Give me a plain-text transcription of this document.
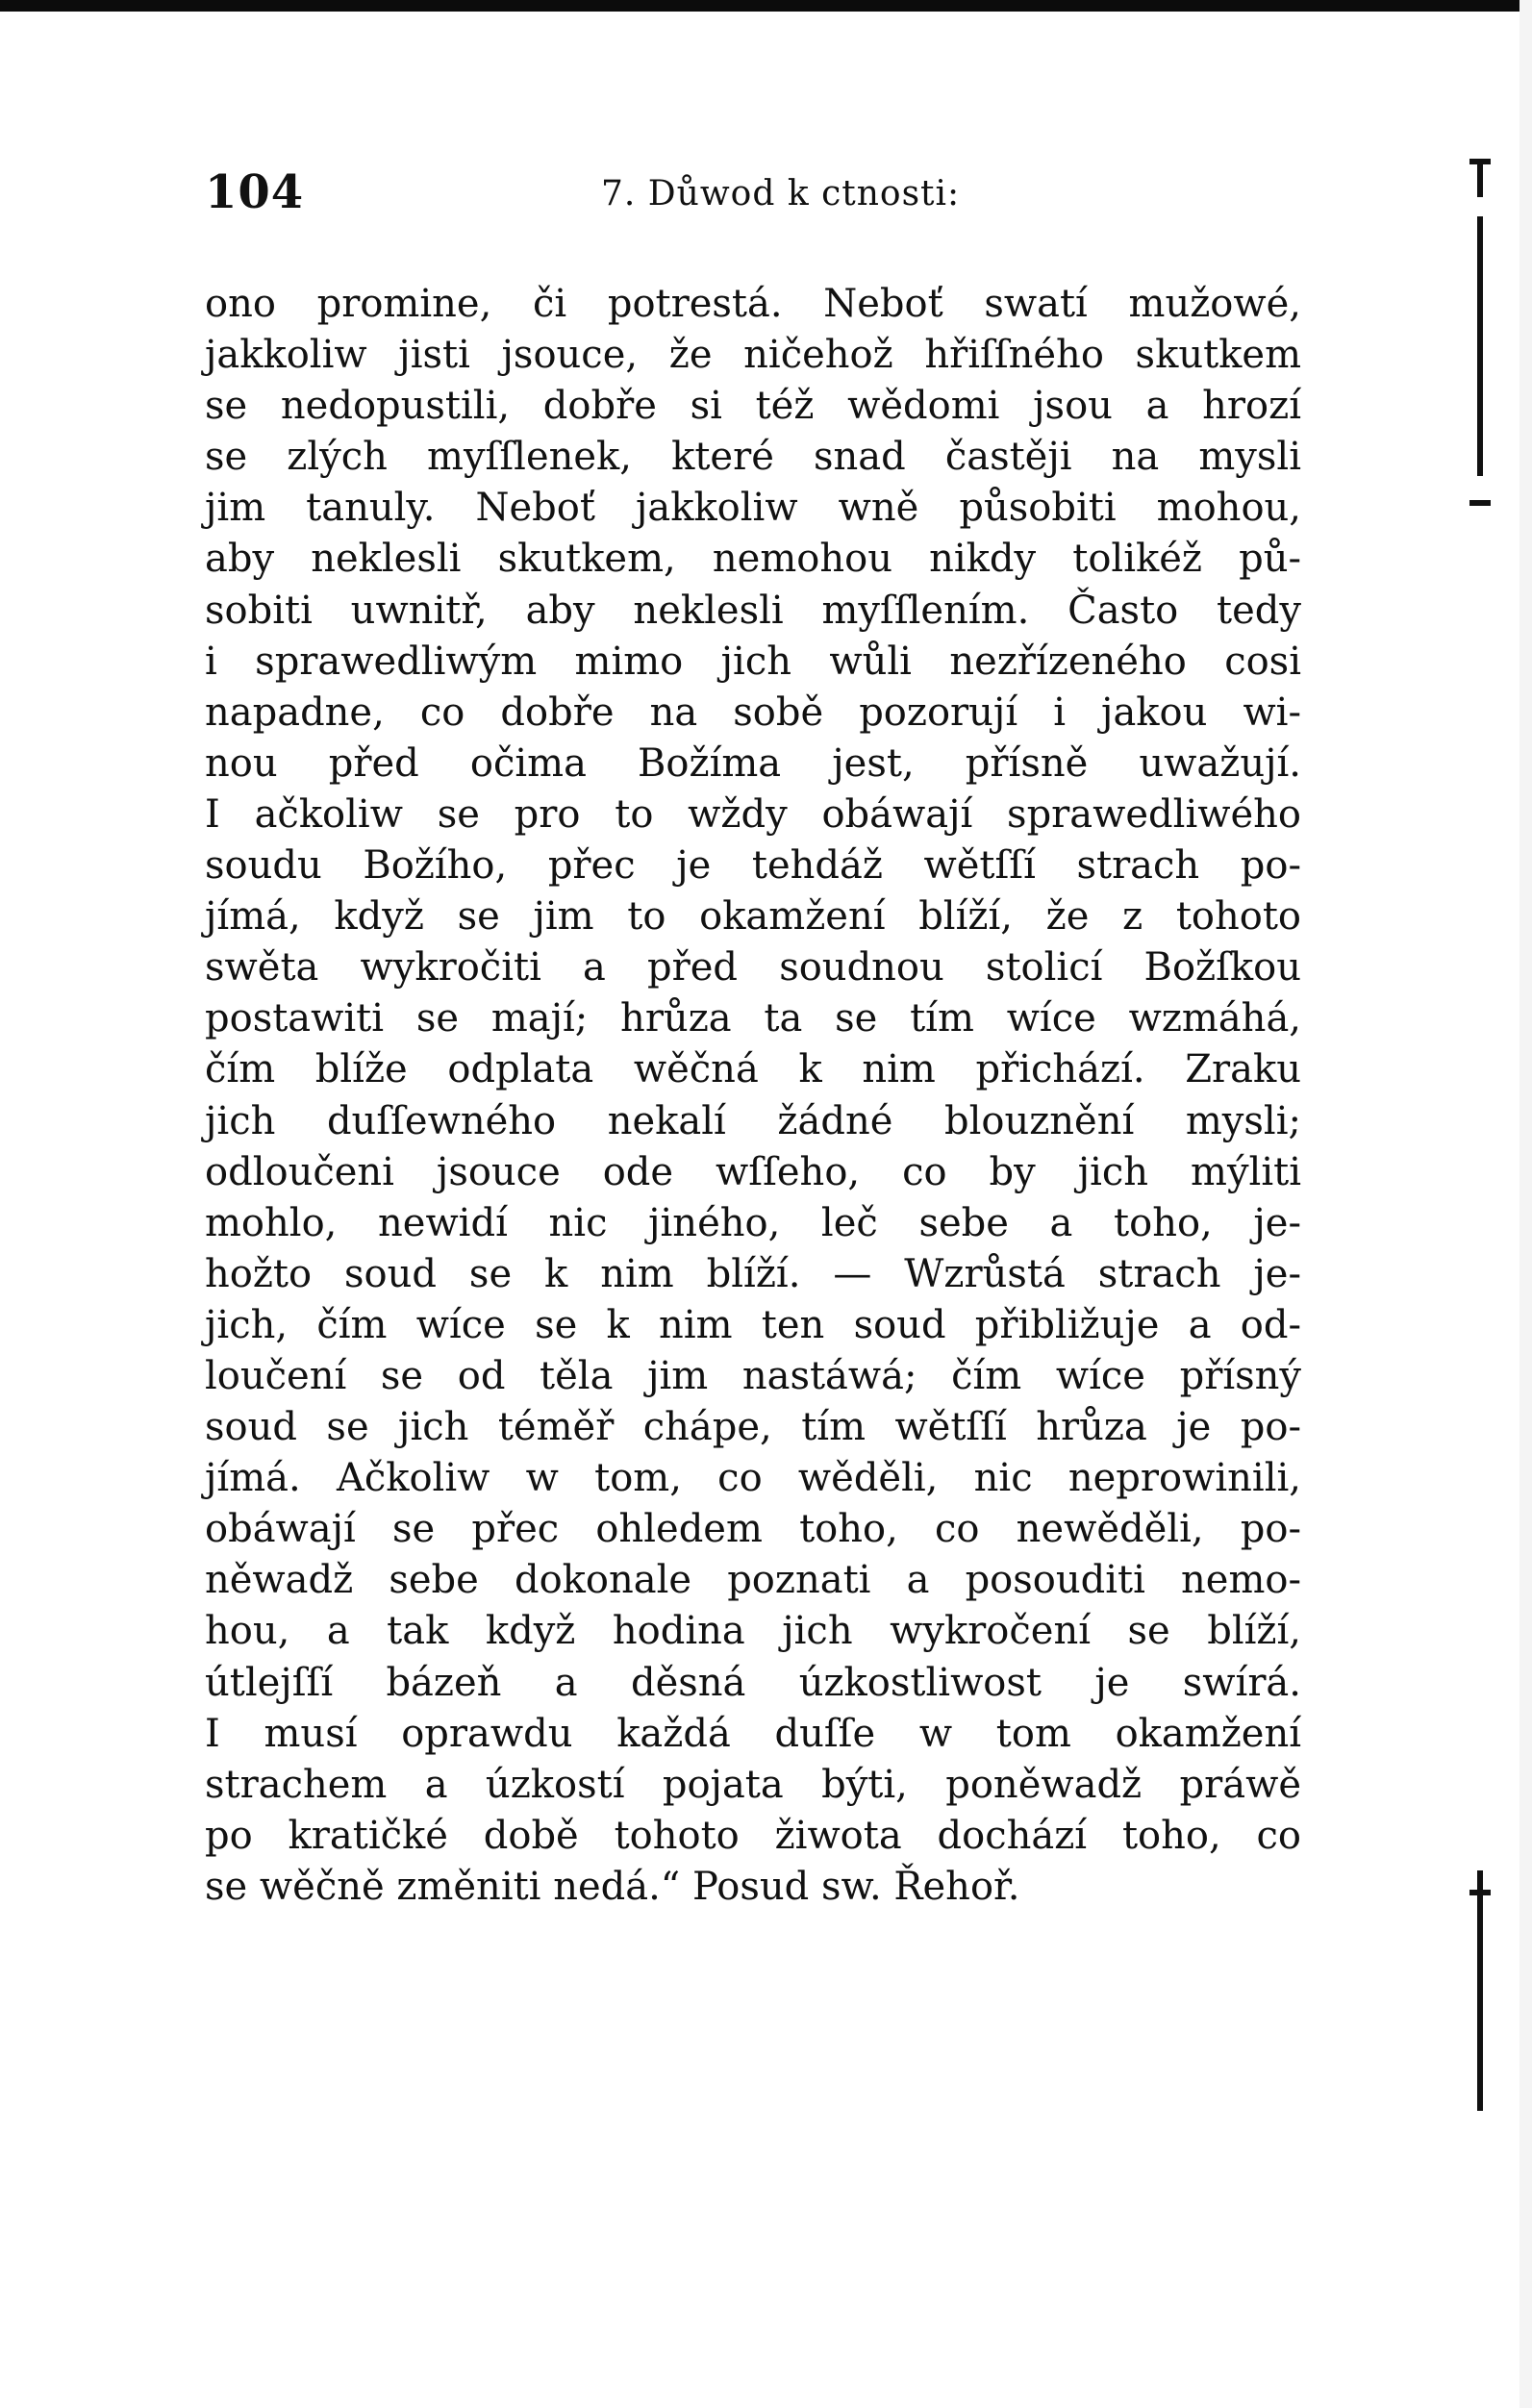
104	7. Důwod k ctnosti:
ono promine, či potrestá. Neboť swatí mužowé,
jakkoliw jisti jsouce, že ničehož hřiſſného skutkem
se nedopustili, dobře si též wědomi jsou a hrozí
se zlých myſſlenek, které snad častěji na mysli
jim tanuly. Neboť jakkoliw wně působiti mohou,
aby neklesli skutkem, nemohou nikdy tolikéž pů-
sobiti uwnitř, aby neklesli myſſlením. Často tedy
i sprawedliwým mimo jich wůli nezřízeného cosi
napadne, co dobře na sobě pozorují i jakou wi-
nou před očima Božíma jest, přísně uwažují.
I ačkoliw se pro to wždy obáwají sprawedliwého
soudu Božího, přec je tehdáž wětſſí strach po-
jímá, když se jim to okamžení blíží, že z tohoto
swěta wykročiti a před soudnou stolicí Božſkou
postawiti se mají; hrůza ta se tím wíce wzmáhá,
čím blíže odplata wěčná k nim přichází. Zraku
jich duſſewného nekalí žádné blouznění mysli;
odloučeni jsouce ode wſſeho, co by jich mýliti
mohlo, newidí nic jiného, leč sebe a toho, je-
hožto soud se k nim blíží. — Wzrůstá strach je-
jich, čím wíce se k nim ten soud přibližuje a od-
loučení se od těla jim nastáwá; čím wíce přísný
soud se jich téměř chápe, tím wětſſí hrůza je po-
jímá. Ačkoliw w tom, co wěděli, nic neprowinili,
obáwají se přec ohledem toho, co newěděli, po-
něwadž sebe dokonale poznati a posouditi nemo-
hou, a tak když hodina jich wykročení se blíží,
útlejſſí bázeň a děsná úzkostliwost je swírá.
I musí oprawdu každá duſſe w tom okamžení
strachem a úzkostí pojata býti, poněwadž práwě
po kratičké době tohoto žiwota dochází toho, co
se wěčně změniti nedá.“ Posud sw. Řehoř.
